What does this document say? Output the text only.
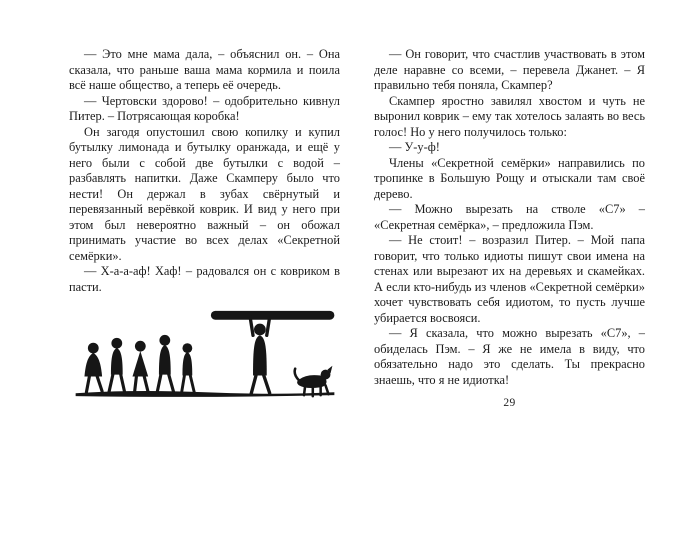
— Это мне мама дала, – объяснил он. – Она сказала, что раньше ваша мама кормила и поила всё наше общество, а теперь её очередь.

— Чертовски здорово! – одобрительно кивнул Питер. – Потрясающая коробка!

Он загодя опустошил свою копилку и купил бутылку лимонада и бутылку оранжада, и ещё у него были с собой две бутылки с водой – разбавлять напитки. Даже Скамперу было что нести! Он держал в зубах свёрнутый и перевязанный верёвкой коврик. И вид у него при этом был невероятно важный – он обожал принимать участие во всех делах «Секретной семёрки».

— Х-а-а-аф! Хаф! – радовался он с ковриком в пасти.

— Он говорит, что счастлив участвовать в этом деле наравне со всеми, – перевела Джанет. – Я правильно тебя поняла, Скампер?

Скампер яростно завилял хвостом и чуть не выронил коврик – ему так хотелось залаять во весь голос! Но у него получилось только:

— У-у-ф!

Члены «Секретной семёрки» направились по тропинке в Большую Рощу и отыскали там своё дерево.

— Можно вырезать на стволе «С7» – «Секретная семёрка», – предложила Пэм.

— Не стоит! – возразил Питер. – Мой папа говорит, что только идиоты пишут свои имена на стенах или вырезают их на деревьях и скамейках. А если кто-нибудь из членов «Секретной семёрки» хочет чувствовать себя идиотом, то пусть лучше убирается восвояси.

— Я сказала, что можно вырезать «С7», – обиделась Пэм. – Я же не имела в виду, что обязательно надо это сделать. Ты прекрасно знаешь, что я не идиотка!

29
